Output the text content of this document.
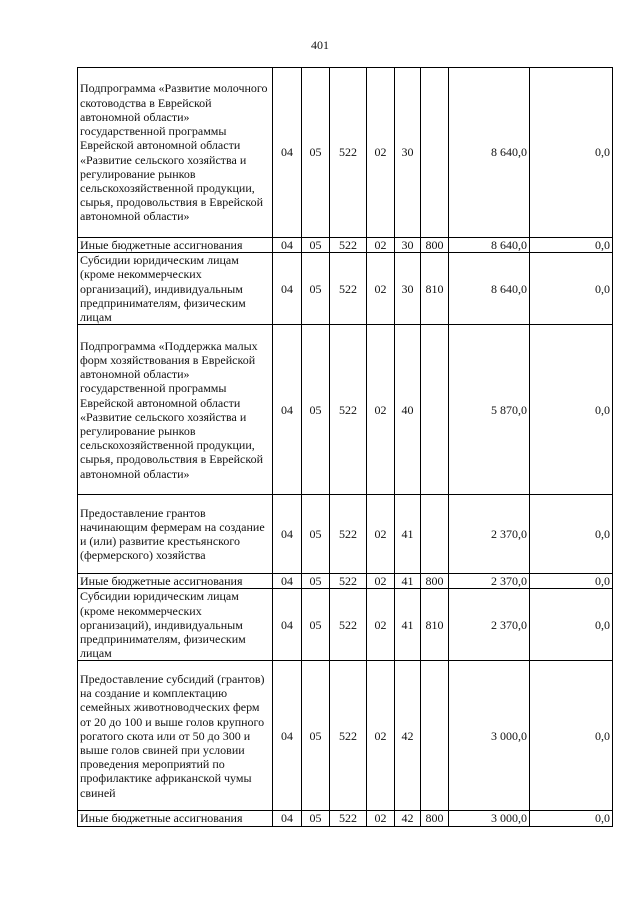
401
Подпрограмма «Развитие молочного скотоводства в Еврейской автономной области» государственной программы Еврейской автономной области «Развитие сельского хозяйства и регулирование рынков сельскохозяйственной продукции, сырья, продовольствия в Еврейской автономной области»	04	05	522	02	30		8 640,0	0,0
Иные бюджетные ассигнования	04	05	522	02	30	800	8 640,0	0,0
Субсидии юридическим лицам (кроме некоммерческих организаций), индивидуальным предпринимателям, физическим лицам	04	05	522	02	30	810	8 640,0	0,0
Подпрограмма «Поддержка малых форм хозяйствования в Еврейской автономной области» государственной программы Еврейской автономной области «Развитие сельского хозяйства и регулирование рынков сельскохозяйственной продукции, сырья, продовольствия в Еврейской автономной области»	04	05	522	02	40		5 870,0	0,0
Предоставление грантов начинающим фермерам на создание и (или) развитие крестьянского (фермерского) хозяйства	04	05	522	02	41		2 370,0	0,0
Иные бюджетные ассигнования	04	05	522	02	41	800	2 370,0	0,0
Субсидии юридическим лицам (кроме некоммерческих организаций), индивидуальным предпринимателям, физическим лицам	04	05	522	02	41	810	2 370,0	0,0
Предоставление субсидий (грантов) на создание и комплектацию семейных животноводческих ферм от 20 до 100 и выше голов крупного рогатого скота или от 50 до 300 и выше голов свиней при условии проведения мероприятий по профилактике африканской чумы свиней	04	05	522	02	42		3 000,0	0,0
Иные бюджетные ассигнования	04	05	522	02	42	800	3 000,0	0,0
